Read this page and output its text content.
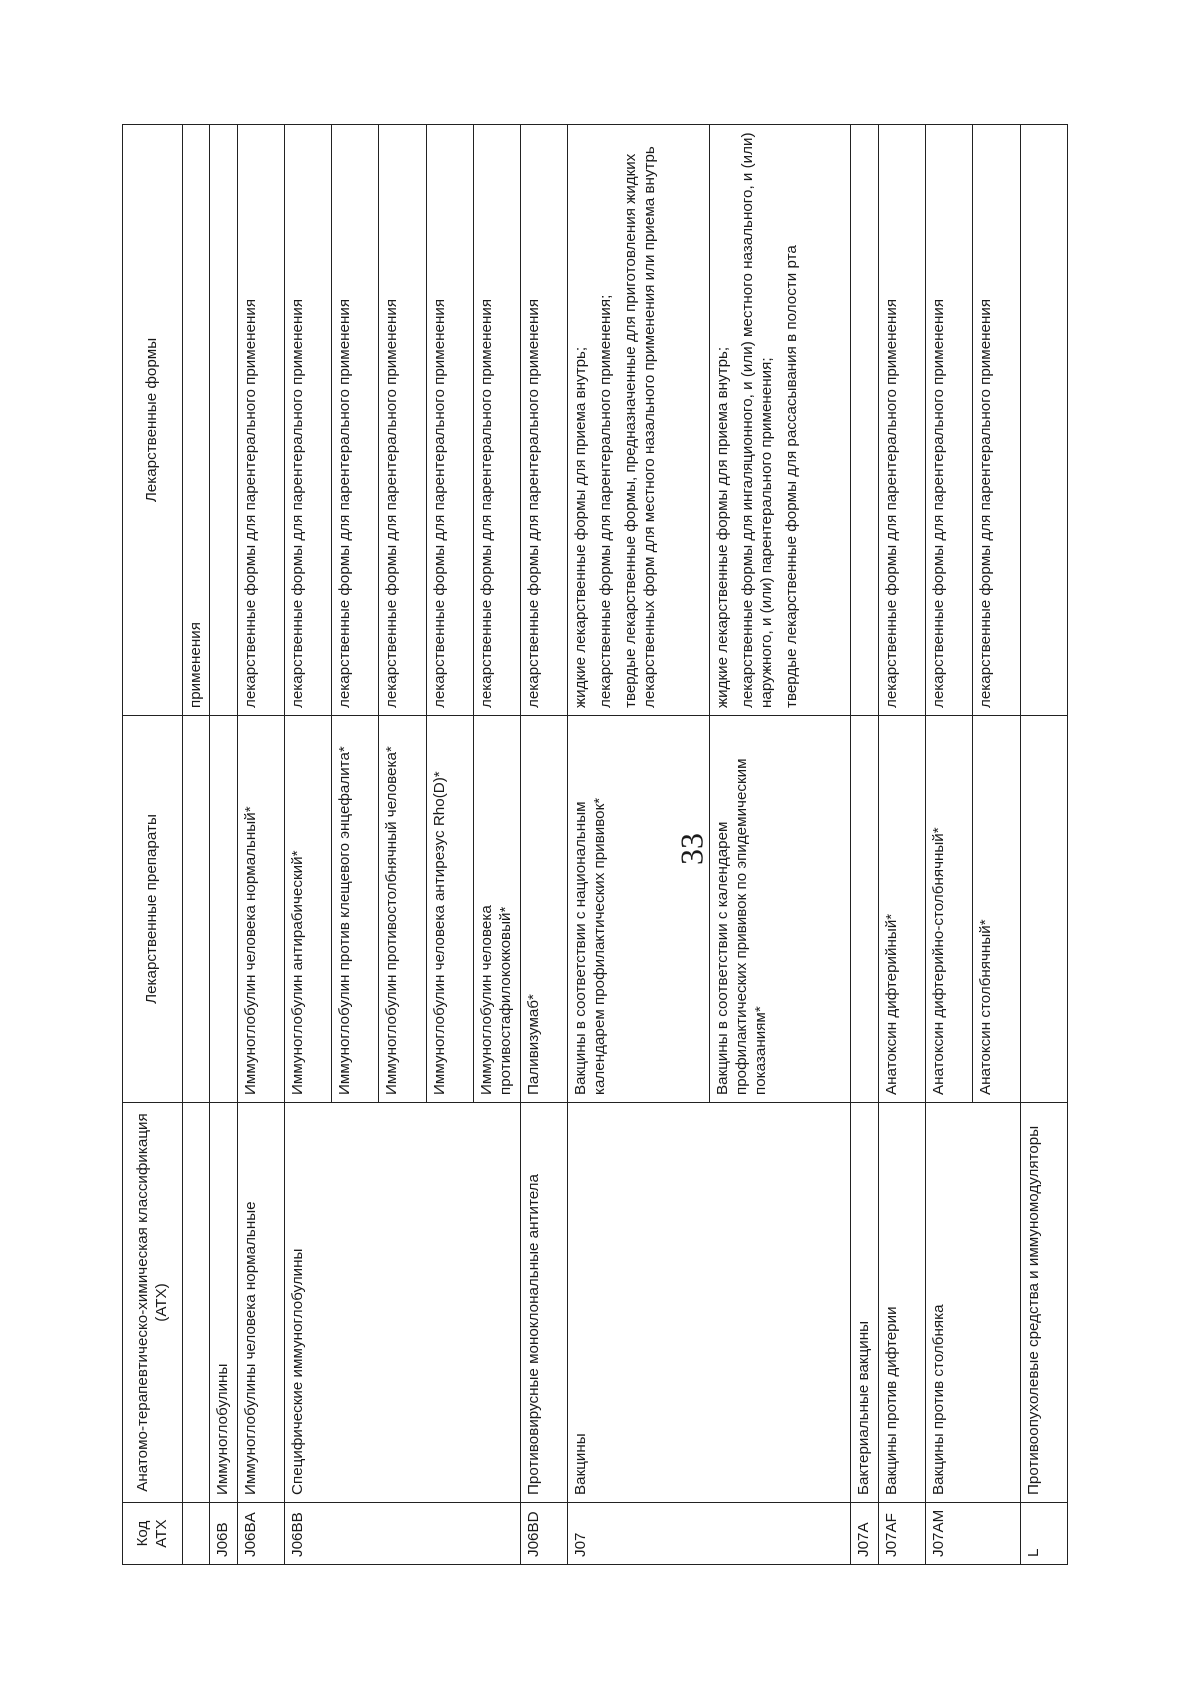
33
Код АТХ	Анатомо-терапевтическо-химическая классификация (АТХ)	Лекарственные препараты	Лекарственные формы

			применения

J06B	Иммуноглобулины		
J06BA	Иммуноглобулины человека нормальные	Иммуноглобулин человека нормальный*	лекарственные формы для парентерального применения

J06BB	Специфические иммуноглобулины	Иммуноглобулин антирабический*	лекарственные формы для парентерального применения

		Иммуноглобулин против клещевого энцефалита*	лекарственные формы для парентерального применения

		Иммуноглобулин противостолбнячный человека*	лекарственные формы для парентерального применения

		Иммуноглобулин человека антирезус Rho(D)*	лекарственные формы для парентерального применения

		Иммуноглобулин человека противостафилококковый*	лекарственные формы для парентерального применения

J06BD	Противовирусные моноклональные антитела	Паливизумаб*	лекарственные формы для парентерального применения

J07	Вакцины	Вакцины в соответствии с национальным календарем профилактических прививок*	жидкие лекарственные формы для приема внутрь; лекарственные формы для парентерального применения; твердые лекарственные формы, предназначенные для приготовления жидких лекарственных форм для местного назального применения или приема внутрь

		Вакцины в соответствии с календарем профилактических прививок по эпидемическим показаниям*	жидкие лекарственные формы для приема внутрь; лекарственные формы для ингаляционного, и (или) местного назального, и (или) наружного, и (или) парентерального применения; твердые лекарственные формы для рассасывания в полости рта

J07A	Бактериальные вакцины		
J07AF	Вакцины против дифтерии	Анатоксин дифтерийный*	лекарственные формы для парентерального применения

J07AM	Вакцины против столбняка	Анатоксин дифтерийно-столбнячный*	лекарственные формы для парентерального применения

		Анатоксин столбнячный*	лекарственные формы для парентерального применения

L	Противоопухолевые средства и иммуномодуляторы		
